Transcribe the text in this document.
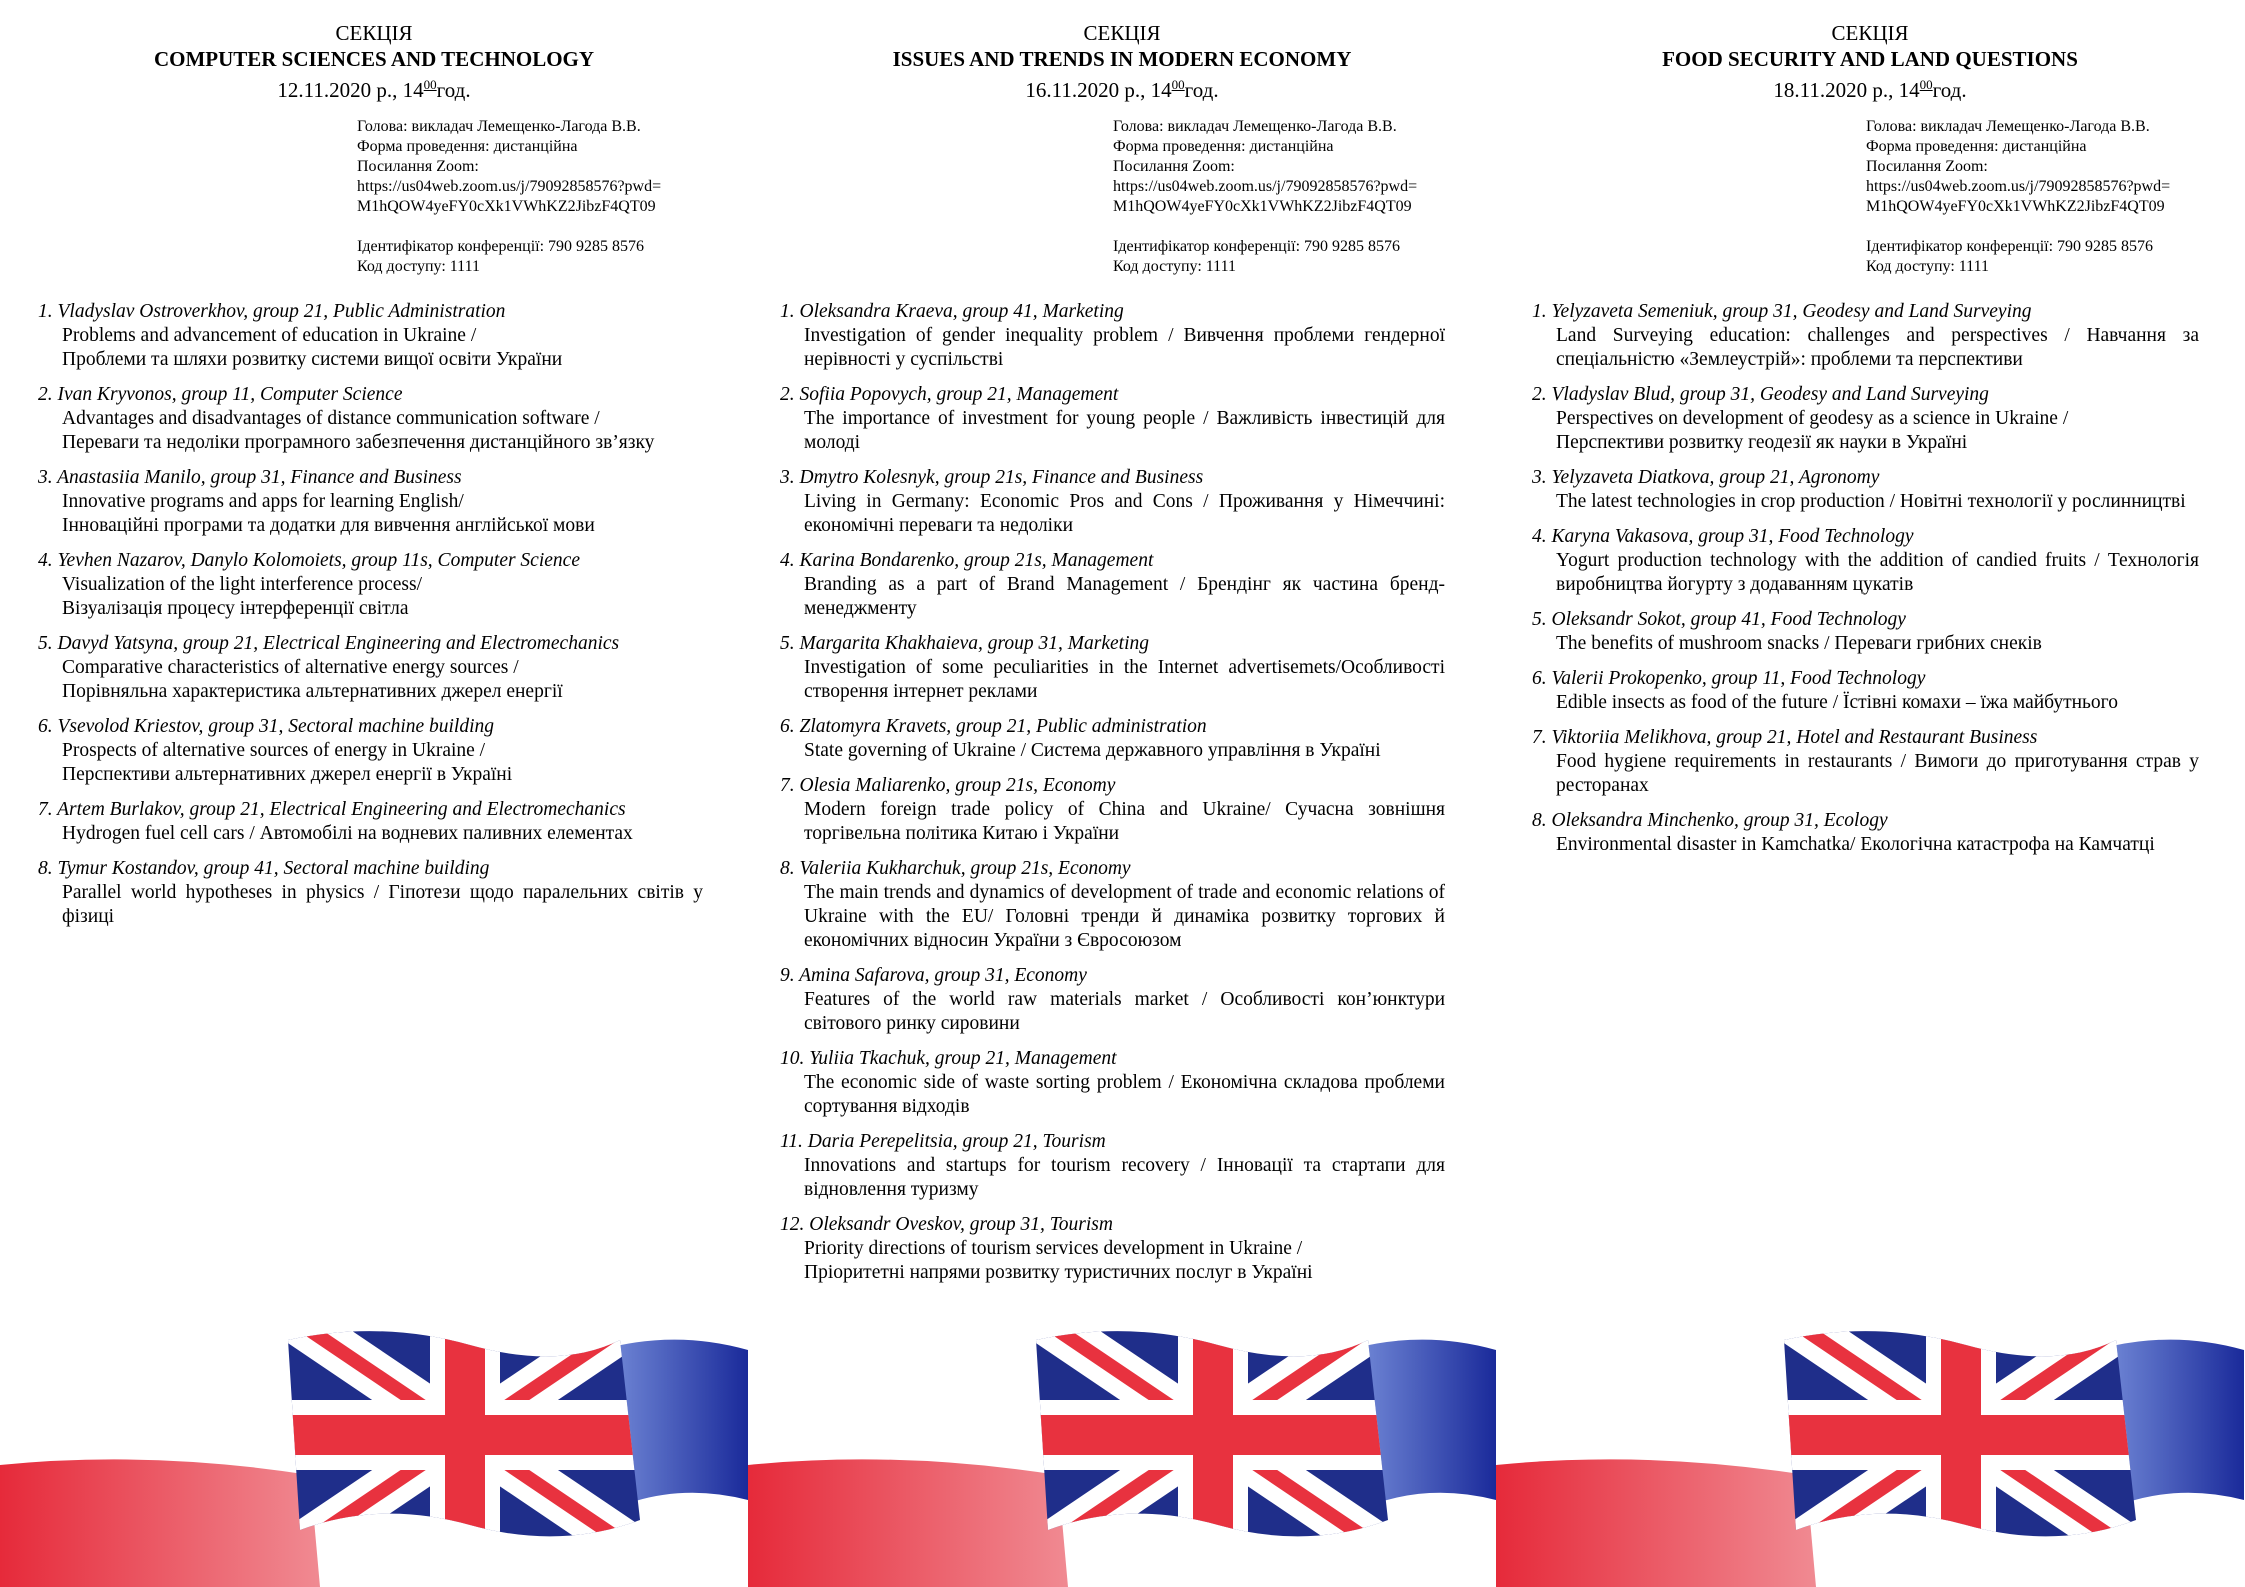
СЕКЦІЯ
COMPUTER SCIENCES AND TECHNOLOGY
12.11.2020 р., $14^{00}год$.
Голова: викладач Лемещенко-Лагода В.В.
Форма проведення: дистанційна
Посилання Zoom:
https://us04web.zoom.us/j/79092858576?pwd=
M1hQOW4yeFY0cXk1VWhKZ2JibzF4QT09
Ідентифікатор конференції: 790 9285 8576
Код доступу: 1111
1. Vladyslav Ostroverkhov, group 21, Public Administration
Problems and advancement of education in Ukraine /
Проблеми та шляхи розвитку системи вищої освіти України
2. Ivan Kryvonos, group 11, Computer Science
Advantages and disadvantages of distance communication software /
Переваги та недоліки програмного забезпечення дистанційного зв’язку
3. Anastasiia Manilo, group 31, Finance and Business
Innovative programs and apps for learning English/
Інноваційні програми та додатки для вивчення англійської мови
4. Yevhen Nazarov, Danylo Kolomoiets, group 11s, Computer Science
Visualization of the light interference process/
Візуалізація процесу інтерференції світла
5. Davyd Yatsyna, group 21, Electrical Engineering and Electromechanics
Comparative characteristics of alternative energy sources /
Порівняльна характеристика альтернативних джерел енергії
6. Vsevolod Kriestov, group 31, Sectoral machine building
Prospects of alternative sources of energy in Ukraine /
Перспективи альтернативних джерел енергії в Україні
7. Artem Burlakov, group 21, Electrical Engineering and Electromechanics
Hydrogen fuel cell cars / Автомобілі на водневих паливних елементах
8. Tymur Kostandov, group 41, Sectoral machine building
Parallel world hypotheses in physics / Гіпотези щодо паралельних світів у фізиці
СЕКЦІЯ
ISSUES AND TRENDS IN MODERN ECONOMY
16.11.2020 р., $14^{00}год$.
Голова: викладач Лемещенко-Лагода В.В.
Форма проведення: дистанційна
Посилання Zoom:
https://us04web.zoom.us/j/79092858576?pwd=
M1hQOW4yeFY0cXk1VWhKZ2JibzF4QT09
Ідентифікатор конференції: 790 9285 8576
Код доступу: 1111
1. Oleksandra Kraeva, group 41, Marketing
Investigation of gender inequality problem / Вивчення проблеми гендерної нерівності у суспільстві
2. Sofiia Popovych, group 21, Management
The importance of investment for young people / Важливість інвестицій для молоді
3. Dmytro Kolesnyk, group 21s, Finance and Business
Living in Germany: Economic Pros and Cons / Проживання у Німеччині: економічні переваги та недоліки
4. Karina Bondarenko, group 21s, Management
Branding as a part of Brand Management / Брендінг як частина бренд-менеджменту
5. Margarita Khakhaieva, group 31, Marketing
Investigation of some peculiarities in the Internet advertisemets/Особливості створення інтернет реклами
6. Zlatomyra Kravets, group 21, Public administration
State governing of Ukraine / Система державного управління в Україні
7. Olesia Maliarenko, group 21s, Economy
Modern foreign trade policy of China and Ukraine/ Сучасна зовнішня торгівельна політика Китаю і України
8. Valeriia Kukharchuk, group 21s, Economy
The main trends and dynamics of development of trade and economic relations of Ukraine with the EU/ Головні тренди й динаміка розвитку торгових й економічних відносин України з Євросоюзом
9. Amina Safarova, group 31, Economy
Features of the world raw materials market / Особливості кон’юнктури світового ринку сировини
10. Yuliia Tkachuk, group 21, Management
The economic side of waste sorting problem / Економічна складова проблеми сортування відходів
11. Daria Perepelitsia, group 21, Tourism
Innovations and startups for tourism recovery / Інновації та стартапи для відновлення туризму
12. Oleksandr Oveskov, group 31, Tourism
Priority directions of tourism services development in Ukraine /
Пріоритетні напрями розвитку туристичних послуг в Україні
СЕКЦІЯ
FOOD SECURITY AND LAND QUESTIONS
18.11.2020 р., $14^{00}год$.
Голова: викладач Лемещенко-Лагода В.В.
Форма проведення: дистанційна
Посилання Zoom:
https://us04web.zoom.us/j/79092858576?pwd=
M1hQOW4yeFY0cXk1VWhKZ2JibzF4QT09
Ідентифікатор конференції: 790 9285 8576
Код доступу: 1111
1. Yelyzaveta Semeniuk, group 31, Geodesy and Land Surveying
Land Surveying education: challenges and perspectives / Навчання за спеціальністю «Землеустрій»: проблеми та перспективи
2. Vladyslav Blud, group 31, Geodesy and Land Surveying
Perspectives on development of geodesy as a science in Ukraine /
Перспективи розвитку геодезії як науки в Україні
3. Yelyzaveta Diatkova, group 21, Agronomy
The latest technologies in crop production / Новітні технології у рослинництві
4. Karyna Vakasova, group 31, Food Technology
Yogurt production technology with the addition of candied fruits / Технологія виробництва йогурту з додаванням цукатів
5. Oleksandr Sokot, group 41, Food Technology
The benefits of mushroom snacks / Переваги грибних снеків
6. Valerii Prokopenko, group 11, Food Technology
Edible insects as food of the future / Їстівні комахи – їжа майбутнього
7. Viktoriia Melikhova, group 21, Hotel and Restaurant Business
Food hygiene requirements in restaurants / Вимоги до приготування страв у ресторанах
8. Oleksandra Minchenko, group 31, Ecology
Environmental disaster in Kamchatka/ Екологічна катастрофа на Камчатці
